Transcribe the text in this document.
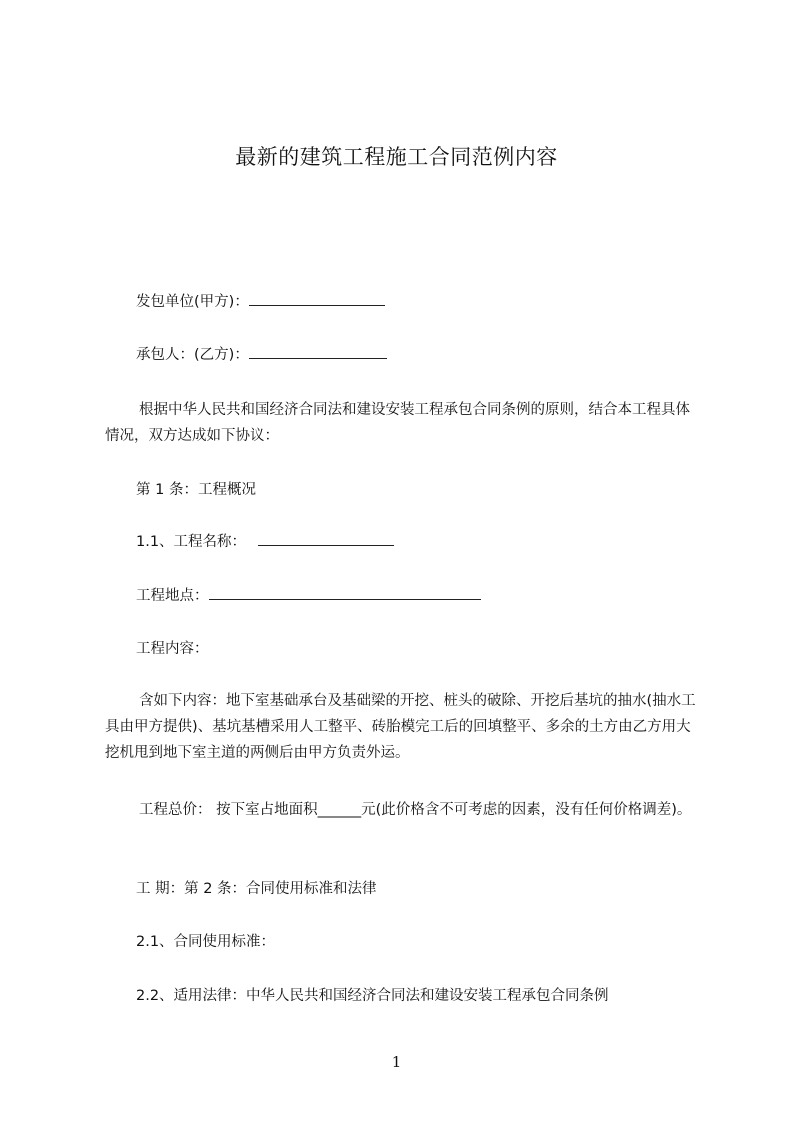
最新的建筑工程施工合同范例内容

发包单位(甲方)：

承包人：(乙方)：

根据中华人民共和国经济合同法和建设安装工程承包合同条例的原则，结合本工程具体情况，双方达成如下协议：

第 1 条：工程概况

1.1、工程名称：

工程地点：

工程内容：

含如下内容：地下室基础承台及基础梁的开挖、桩头的破除、开挖后基坑的抽水(抽水工具由甲方提供)、基坑基槽采用人工整平、砖胎模完工后的回填整平、多余的土方由乙方用大挖机甩到地下室主道的两侧后由甲方负责外运。

工程总价： 按下室占地面积______元(此价格含不可考虑的因素，没有任何价格调差)。

工 期：第 2 条：合同使用标准和法律

2.1、合同使用标准：

2.2、适用法律：中华人民共和国经济合同法和建设安装工程承包合同条例

1
